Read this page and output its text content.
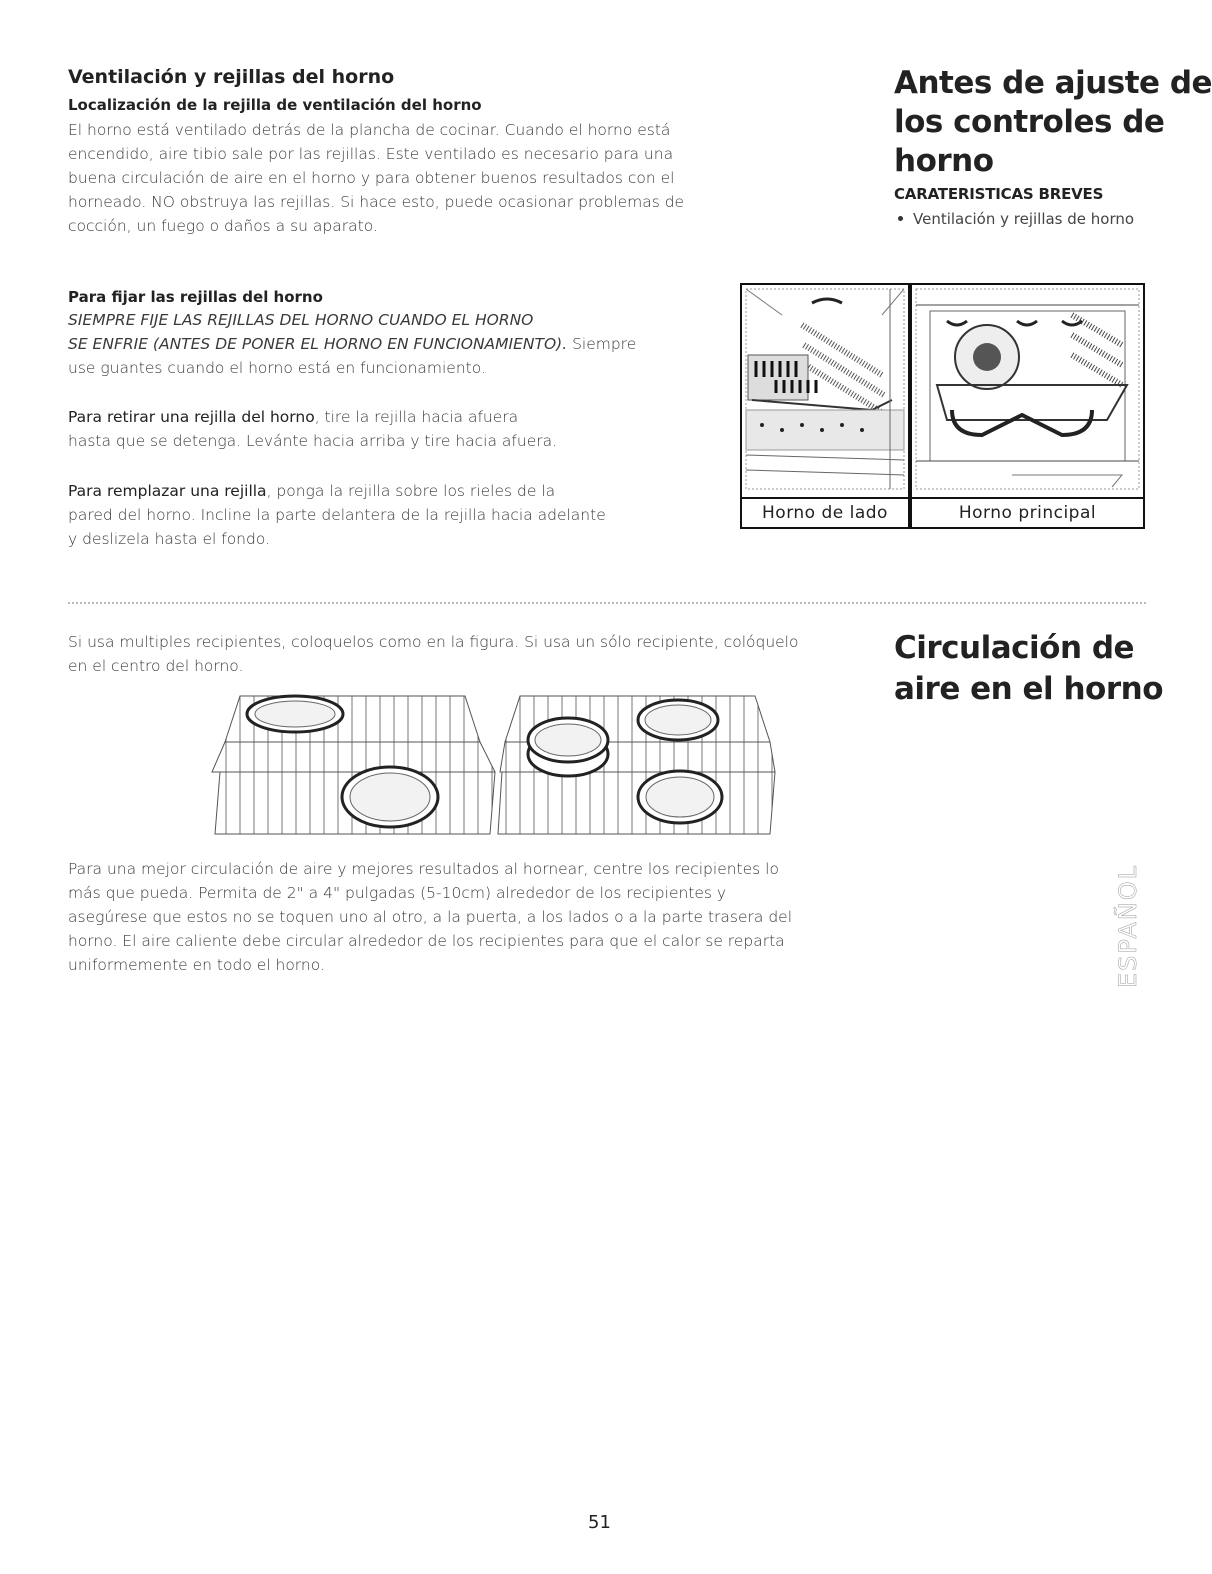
Ventilación y rejillas del horno
Localización de la rejilla de ventilación del horno
El horno está ventilado detrás de la plancha de cocinar. Cuando el horno está
encendido, aire tibio sale por las rejillas. Este ventilado es necesario para una
buena circulación de aire en el horno y para obtener buenos resultados con el
horneado. NO obstruya las rejillas. Si hace esto, puede ocasionar problemas de
cocción, un fuego o daños a su aparato.
Antes de ajuste de
los controles de
horno
CARATERISTICAS BREVES
Ventilación y rejillas de horno
Para fijar las rejillas del horno
SIEMPRE FIJE LAS REJILLAS DEL HORNO CUANDO EL HORNO
SE ENFRIE (ANTES DE PONER EL HORNO EN FUNCIONAMIENTO). Siempre
use guantes cuando el horno está en funcionamiento.
Para retirar una rejilla del horno, tire la rejilla hacia afuera
hasta que se detenga. Levánte hacia arriba y tire hacia afuera.
Para remplazar una rejilla, ponga la rejilla sobre los rieles de la
pared del horno. Incline la parte delantera de la rejilla hacia adelante
y deslizela hasta el fondo.
Horno de lado	Horno principal
Si usa multiples recipientes, coloquelos como en la figura. Si usa un sólo recipiente, colóquelo
en el centro del horno.	Circulación de
aire en el horno
Para una mejor circulación de aire y mejores resultados al hornear, centre los recipientes lo
más que pueda. Permita de 2" a 4" pulgadas (5-10cm) alrededor de los recipientes y
asegúrese que estos no se toquen uno al otro, a la puerta, a los lados o a la parte trasera del
horno. El aire caliente debe circular alrededor de los recipientes para que el calor se reparta
uniformemente en todo el horno.	ESPAÑOL
51
